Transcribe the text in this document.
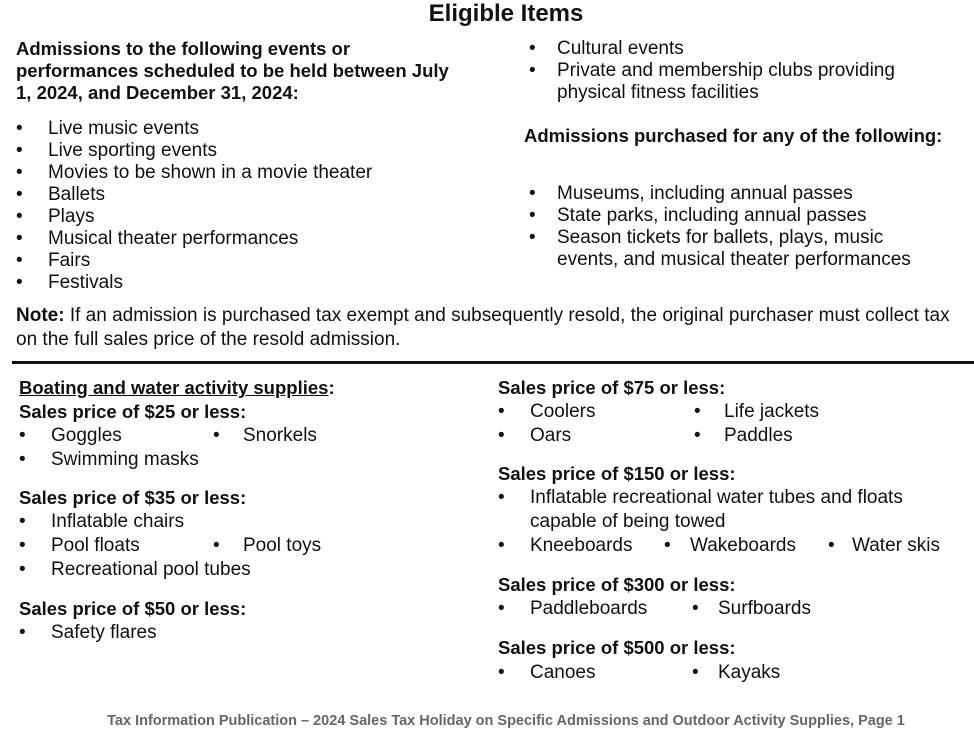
Eligible Items
Admissions to the following events or performances scheduled to be held between July 1, 2024, and December 31, 2024:
• Live music events
• Live sporting events
• Movies to be shown in a movie theater
• Ballets
• Plays
• Musical theater performances
• Fairs
• Festivals
• Cultural events
• Private and membership clubs providing physical fitness facilities
Admissions purchased for any of the following:
• Museums, including annual passes
• State parks, including annual passes
• Season tickets for ballets, plays, music events, and musical theater performances
Note: If an admission is purchased tax exempt and subsequently resold, the original purchaser must collect tax on the full sales price of the resold admission.
Boating and water activity supplies:
Sales price of $25 or less:
• Goggles	• Snorkels
• Swimming masks
Sales price of $35 or less:
• Inflatable chairs
• Pool floats	• Pool toys
• Recreational pool tubes
Sales price of $50 or less:
• Safety flares
Sales price of $75 or less:
• Coolers	• Life jackets
• Oars	• Paddles
Sales price of $150 or less:
• Inflatable recreational water tubes and floats capable of being towed
• Kneeboards • Wakeboards • Water skis
Sales price of $300 or less:
• Paddleboards • Surfboards
Sales price of $500 or less:
• Canoes	• Kayaks
Tax Information Publication – 2024 Sales Tax Holiday on Specific Admissions and Outdoor Activity Supplies, Page 1
